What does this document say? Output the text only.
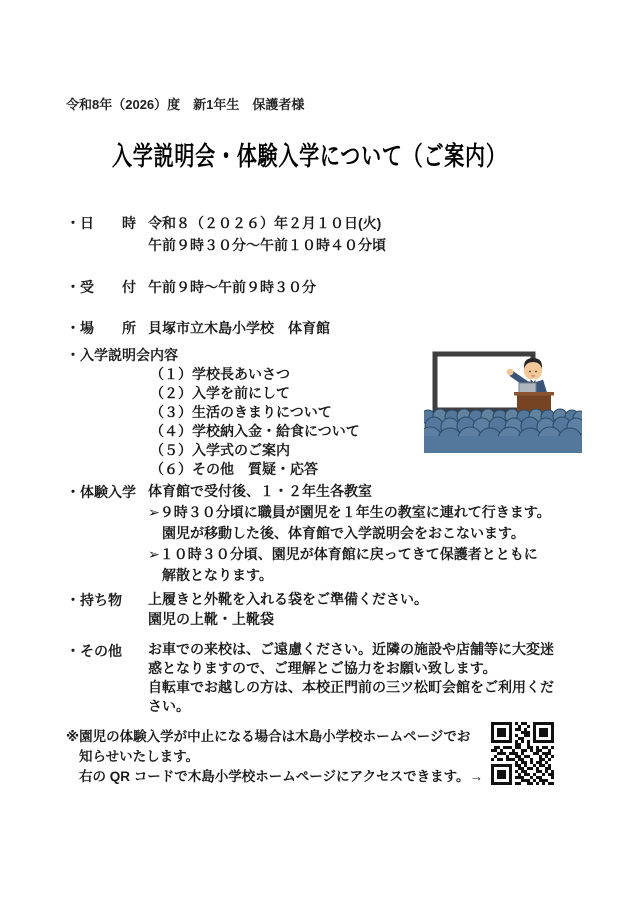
令和8年（2026）度　新1年生　保護者様
入学説明会・体験入学について（ご案内）
・日　　時 令和８（２０２６）年２月１０日(火)
午前９時３０分～午前１０時４０分頃
・受　　付 午前９時～午前９時３０分
・場　　所 貝塚市立木島小学校　体育館
・入学説明会内容
（１）学校長あいさつ
（２）入学を前にして
（３）生活のきまりについて
（４）学校納入金・給食について
（５）入学式のご案内
（６）その他　質疑・応答
・体験入学 体育館で受付後、１・２年生各教室
➢９時３０分頃に職員が園児を１年生の教室に連れて行きます。
園児が移動した後、体育館で入学説明会をおこないます。
➢１０時３０分頃、園児が体育館に戻ってきて保護者とともに
解散となります。
・持ち物	上履きと外靴を入れる袋をご準備ください。
園児の上靴・上靴袋
・その他	お車での来校は、ご遠慮ください。近隣の施設や店舗等に大変迷
惑となりますので、ご理解とご協力をお願い致します。
自転車でお越しの方は、本校正門前の三ツ松町会館をご利用くだ
さい。
※園児の体験入学が中止になる場合は木島小学校ホームページでお
知らせいたします。
右の QR コードで木島小学校ホームページにアクセスできます。→
